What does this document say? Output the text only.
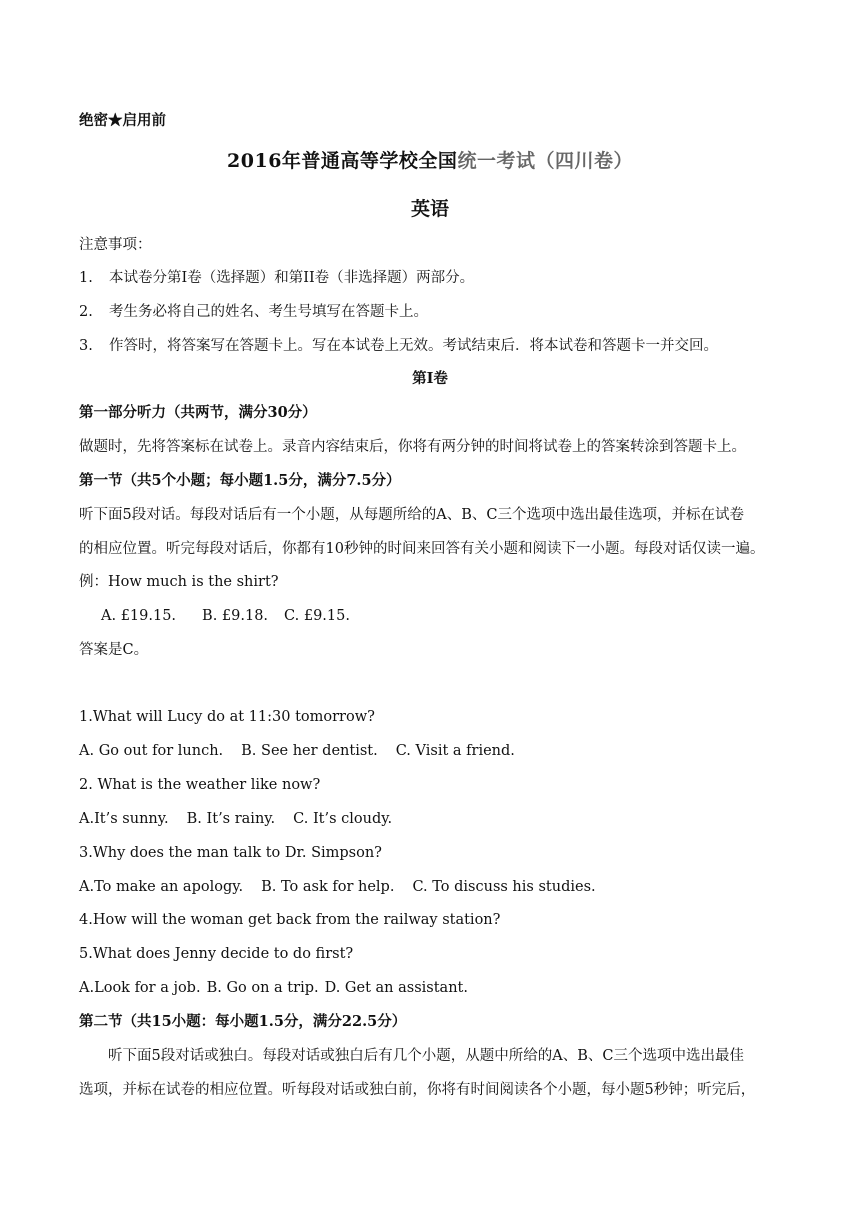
绝密★启用前
2016年普通高等学校全国统一考试（四川卷）
英语
注意事项：
1. 本试卷分第I卷（选择题）和第II卷（非选择题）两部分。
2. 考生务必将自己的姓名、考生号填写在答题卡上。
3. 作答时，将答案写在答题卡上。写在本试卷上无效。考试结束后．将本试卷和答题卡一并交回。
第I卷
第一部分听力（共两节，满分30分）
做题时，先将答案标在试卷上。录音内容结束后，你将有两分钟的时间将试卷上的答案转涂到答题卡上。
第一节（共5个小题；每小题1.5分，满分7.5分）
听下面5段对话。每段对话后有一个小题，从每题所给的A、B、C三个选项中选出最佳选项，并标在试卷
的相应位置。听完每段对话后，你都有10秒钟的时间来回答有关小题和阅读下一小题。每段对话仅读一遍。
例：How much is the shirt?
A. £19.15. B. £9.18. C. £9.15.
答案是C。
1.What will Lucy do at 11:30 tomorrow?
A. Go out for lunch. B. See her dentist. C. Visit a friend.
2. What is the weather like now?
A.It’s sunny. B. It’s rainy. C. It’s cloudy.
3.Why does the man talk to Dr. Simpson?
A.To make an apology. B. To ask for help. C. To discuss his studies.
4.How will the woman get back from the railway station?
5.What does Jenny decide to do first?
A.Look for a job. B. Go on a trip. D. Get an assistant.
第二节（共15小题：每小题1.5分，满分22.5分）
听下面5段对话或独白。每段对话或独白后有几个小题，从题中所给的A、B、C三个选项中选出最佳
选项，并标在试卷的相应位置。听每段对话或独白前，你将有时间阅读各个小题，每小题5秒钟；听完后，
